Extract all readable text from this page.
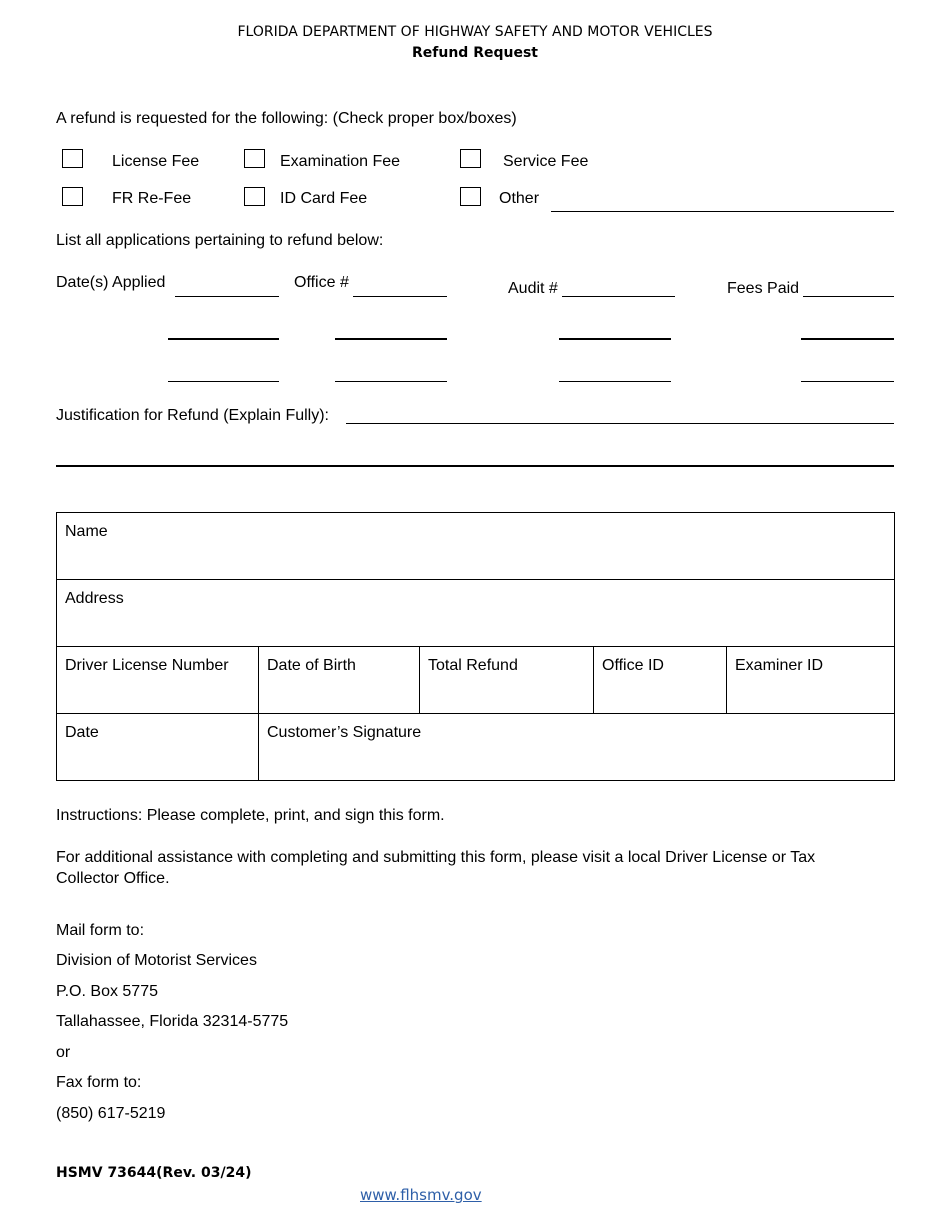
FLORIDA DEPARTMENT OF HIGHWAY SAFETY AND MOTOR VEHICLES
Refund Request
A refund is requested for the following: (Check proper box/boxes)
License Fee	Examination Fee	Service Fee
FR Re-Fee	ID Card Fee	Other
List all applications pertaining to refund below:
Date(s) Applied	Office #	Audit #	Fees Paid
Justification for Refund (Explain Fully):
Name				
Address				
Driver License Number	Date of Birth	Total Refund	Office ID	Examiner ID
Date	Customer’s Signature			
Instructions: Please complete, print, and sign this form.
For additional assistance with completing and submitting this form, please visit a local Driver License or Tax
Collector Office.
Mail form to:
Division of Motorist Services
P.O. Box 5775
Tallahassee, Florida 32314-5775
or
Fax form to:
(850) 617-5219
HSMV 73644(Rev. 03/24)
www.flhsmv.gov
